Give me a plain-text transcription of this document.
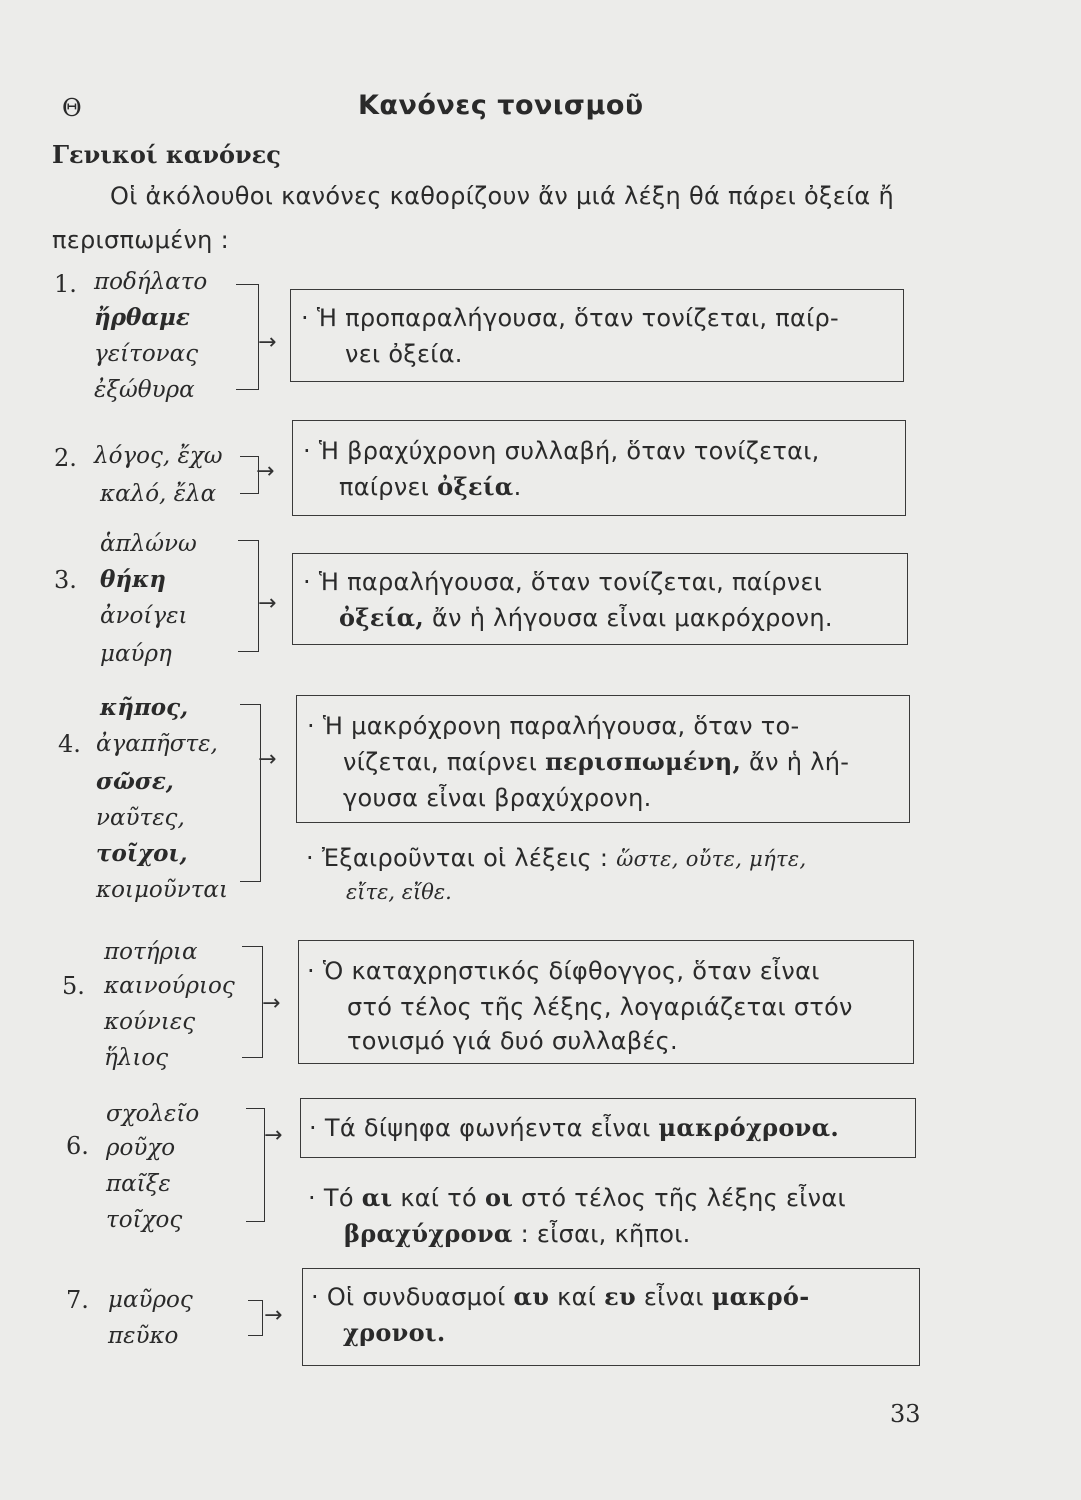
Θ	Κανόνες τονισμοῦ
Γενικοί κανόνες
Οἱ ἀκόλουθοι κανόνες καθορίζουν ἄν μιά λέξη θά πάρει ὀξεία ἤ
περισπωμένη :
1. ποδήλατο
ἤρθαμε
γείτονας
ἐξώθυρα
→
· Ἡ προπαραλήγουσα, ὅταν τονίζεται, παίρ-
νει ὀξεία.
2. λόγος, ἔχω
καλό, ἔλα
→
· Ἡ βραχύχρονη συλλαβή, ὅταν τονίζεται,
παίρνει ὀξεία.
ἁπλώνω
3. θήκη
ἀνοίγει
μαύρη
→
· Ἡ παραλήγουσα, ὅταν τονίζεται, παίρνει
ὀξεία, ἄν ἡ λήγουσα εἶναι μακρόχρονη.
κῆπος,
4. ἀγαπῆστε,
σῶσε,
ναῦτες,
τοῖχοι,
κοιμοῦνται
→
· Ἡ μακρόχρονη παραλήγουσα, ὅταν το-
νίζεται, παίρνει περισπωμένη, ἄν ἡ λή-
γουσα εἶναι βραχύχρονη.
· Ἐξαιροῦνται οἱ λέξεις : ὥστε, οὔτε, μήτε,
εἴτε, εἴθε.
ποτήρια
5. καινούριος
κούνιες
ἥλιος
→
· Ὁ καταχρηστικός δίφθογγος, ὅταν εἶναι
στό τέλος τῆς λέξης, λογαριάζεται στόν
τονισμό γιά δυό συλλαβές.
σχολεῖο
6. ροῦχο
παῖξε
τοῖχος
→ · Τά δίψηφα φωνήεντα εἶναι μακρόχρονα.
· Τό αι καί τό οι στό τέλος τῆς λέξης εἶναι
βραχύχρονα : εἶσαι, κῆποι.
7. μαῦρος
πεῦκο
→
· Οἱ συνδυασμοί αυ καί ευ εἶναι μακρό-
χρονοι.
33
